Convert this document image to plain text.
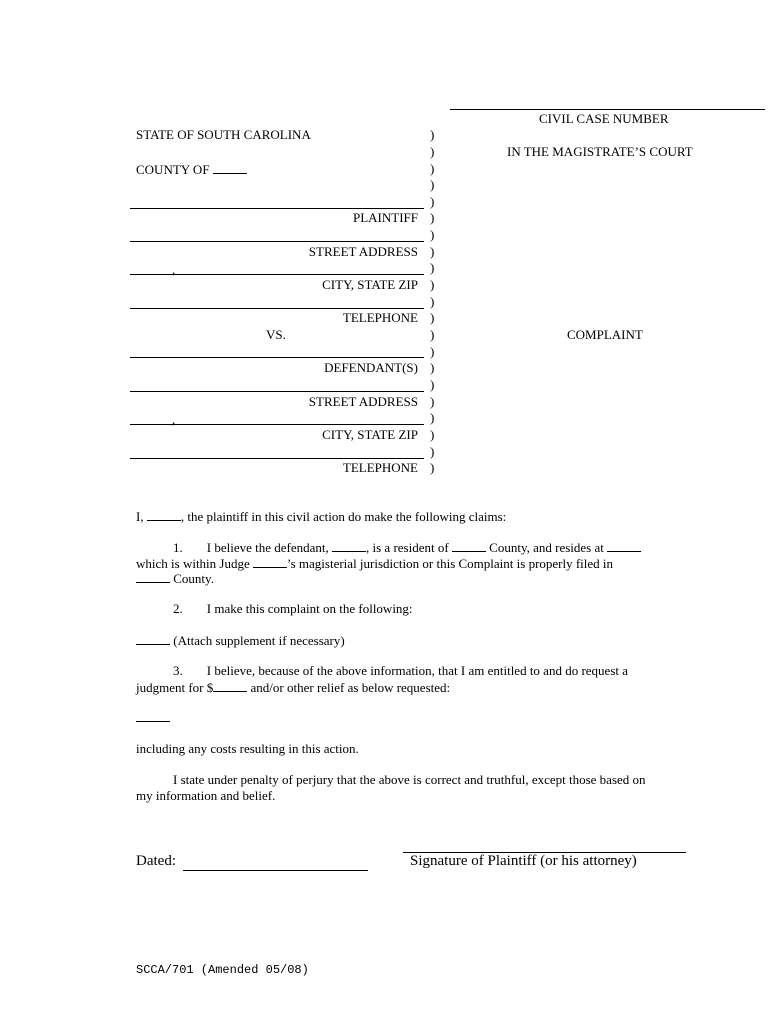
CIVIL CASE NUMBER
IN THE MAGISTRATE’S COURT
STATE OF SOUTH CAROLINA
COUNTY OF
)
)
)
)
)
)
)
)
)
)
)
)
)
)
)
)
)
)
)
)
)
PLAINTIFF
STREET ADDRESS
,
CITY, STATE ZIP
TELEPHONE
VS.	COMPLAINT
DEFENDANT(S)
STREET ADDRESS
,
CITY, STATE ZIP
TELEPHONE
I,	, the plaintiff in this civil action do make the following claims:
1. I believe the defendant,	, is a resident of	County, and resides at
which is within Judge	’s magisterial jurisdiction or this Complaint is properly filed in
County.
2. I make this complaint on the following:
(Attach supplement if necessary)
3. I believe, because of the above information, that I am entitled to and do request a
judgment for $	and/or other relief as below requested:
including any costs resulting in this action.
I state under penalty of perjury that the above is correct and truthful, except those based on
my information and belief.
Dated:	Signature of Plaintiff (or his attorney)
SCCA/701 (Amended 05/08)
